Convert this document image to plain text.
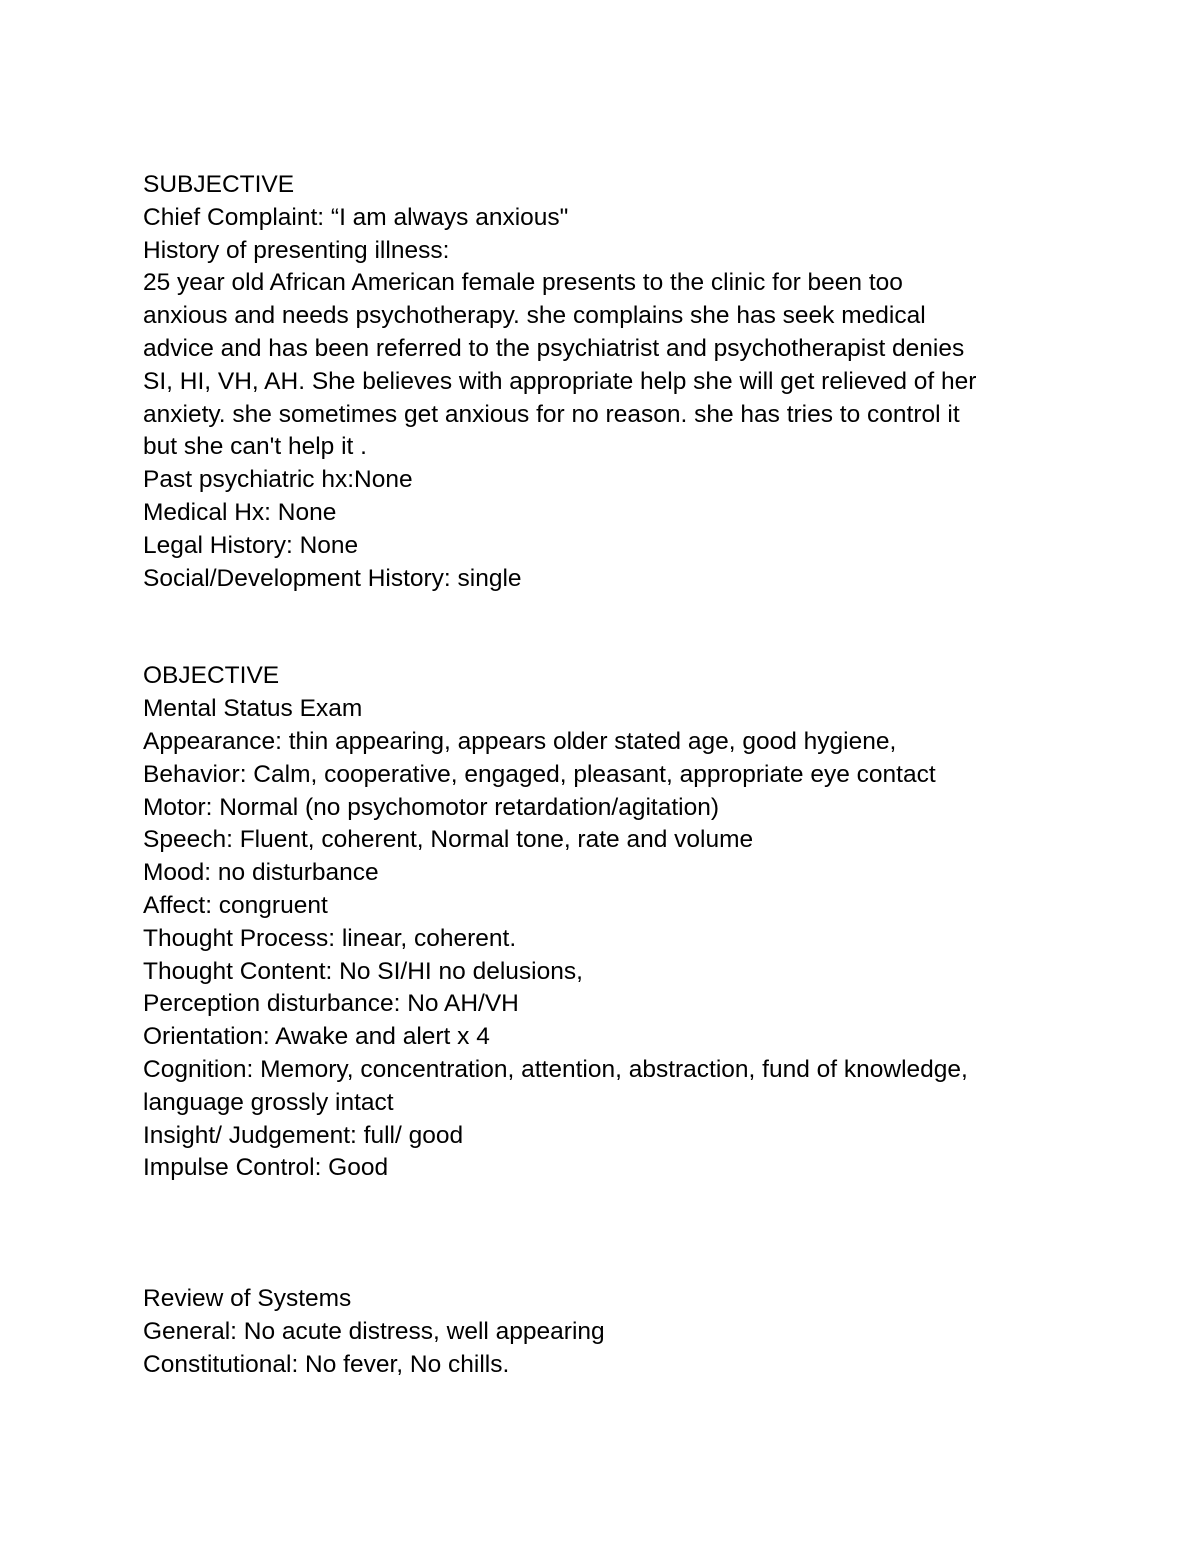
SUBJECTIVE
Chief Complaint: “I am always anxious"
History of presenting illness:
25 year old African American female presents to the clinic for been too
anxious and needs psychotherapy. she complains she has seek medical
advice and has been referred to the psychiatrist and psychotherapist denies
SI, HI, VH, AH. She believes with appropriate help she will get relieved of her
anxiety. she sometimes get anxious for no reason. she has tries to control it
but she can't help it .
Past psychiatric hx:None
Medical Hx: None
Legal History: None
Social/Development History: single
OBJECTIVE
Mental Status Exam
Appearance: thin appearing, appears older stated age, good hygiene,
Behavior: Calm, cooperative, engaged, pleasant, appropriate eye contact
Motor: Normal (no psychomotor retardation/agitation)
Speech: Fluent, coherent, Normal tone, rate and volume
Mood: no disturbance
Affect: congruent
Thought Process: linear, coherent.
Thought Content: No SI/HI no delusions,
Perception disturbance: No AH/VH
Orientation: Awake and alert x 4
Cognition: Memory, concentration, attention, abstraction, fund of knowledge,
language grossly intact
Insight/ Judgement: full/ good
Impulse Control: Good
Review of Systems
General: No acute distress, well appearing
Constitutional: No fever, No chills.
